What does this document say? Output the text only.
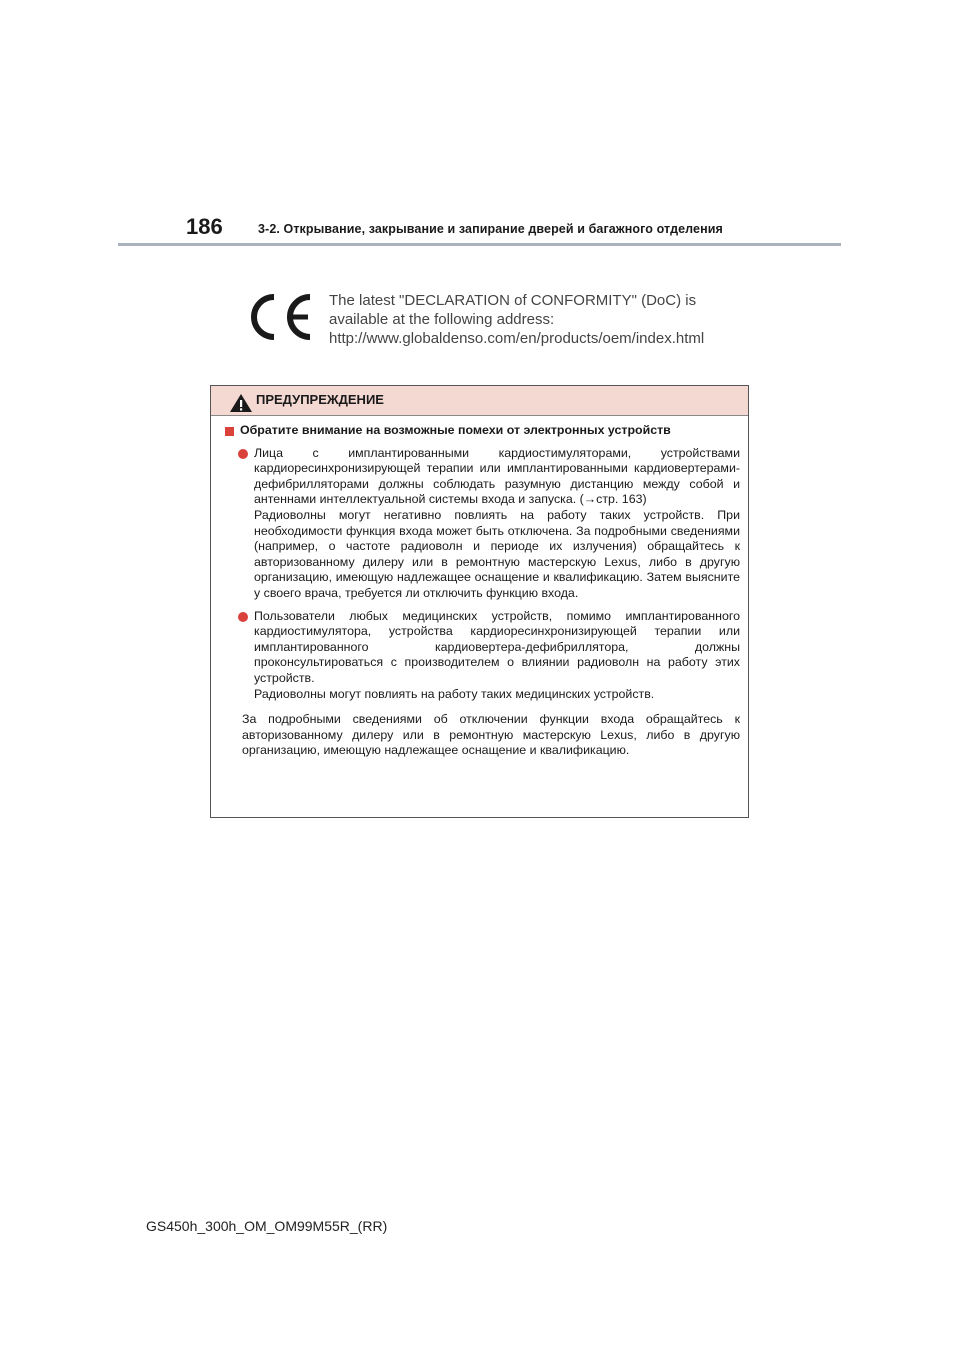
186	3-2. Открывание, закрывание и запирание дверей и багажного отделения
The latest "DECLARATION of CONFORMITY" (DoC) is
available at the following address:
http://www.globaldenso.com/en/products/oem/index.html
ПРЕДУПРЕЖДЕНИЕ
Обратите внимание на возможные помехи от электронных устройств

Лица с имплантированными кардиостимуляторами, устройствами кардиоресинхронизирующей терапии или имплантированными кардиовертерами-дефибрилляторами должны соблюдать разумную дистанцию между собой и антеннами интеллектуальной системы входа и запуска. (→стр. 163)

Радиоволны могут негативно повлиять на работу таких устройств. При необходимости функция входа может быть отключена. За подробными сведениями (например, о частоте радиоволн и периоде их излучения) обращайтесь к авторизованному дилеру или в ремонтную мастерскую Lexus, либо в другую организацию, имеющую надлежащее оснащение и квалификацию. Затем выясните у своего врача, требуется ли отключить функцию входа.

Пользователи любых медицинских устройств, помимо имплантированного кардиостимулятора, устройства кардиоресинхронизирующей терапии или имплантированного кардиовертера-дефибриллятора, должны проконсультироваться с производителем о влиянии радиоволн на работу этих устройств.

Радиоволны могут повлиять на работу таких медицинских устройств.

За подробными сведениями об отключении функции входа обращайтесь к авторизованному дилеру или в ремонтную мастерскую Lexus, либо в другую организацию, имеющую надлежащее оснащение и квалификацию.

GS450h_300h_OM_OM99M55R_(RR)
